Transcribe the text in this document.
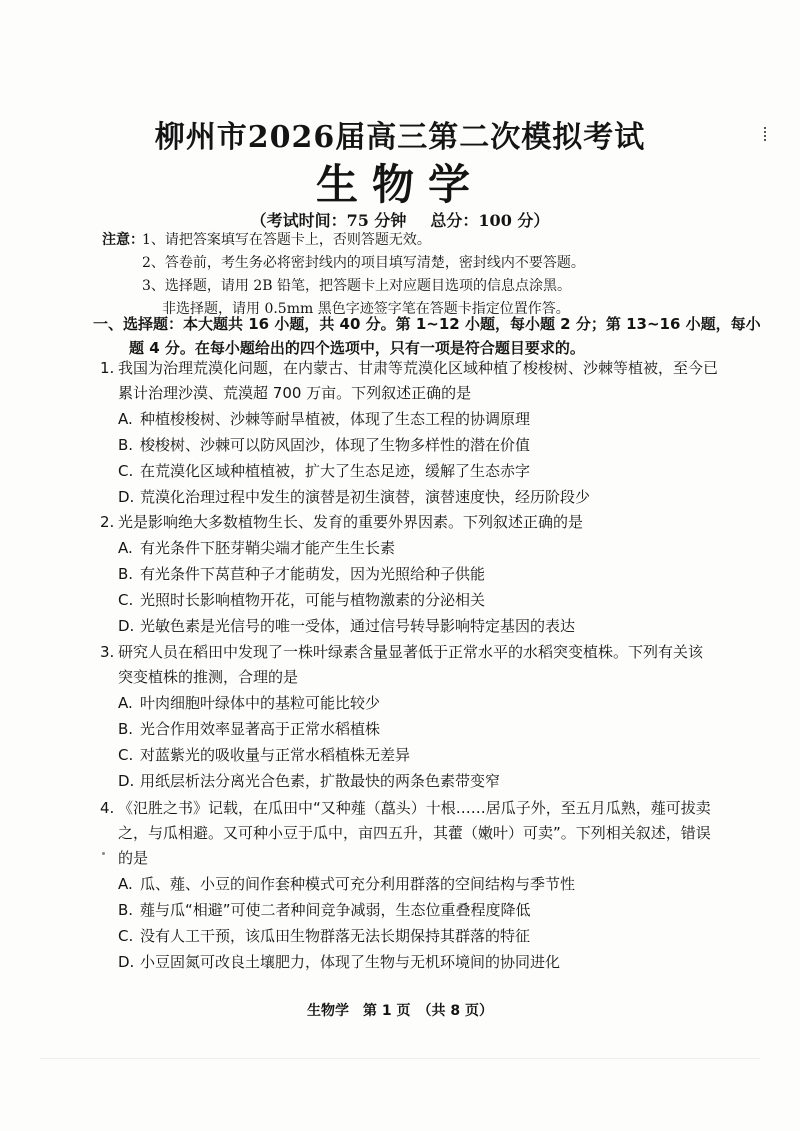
柳州市2026届高三第二次模拟考试
生物学
（考试时间：75 分钟 总分：100 分）
注意：
1、请把答案填写在答题卡上，否则答题无效。
2、答卷前，考生务必将密封线内的项目填写清楚，密封线内不要答题。
3、选择题，请用 2B 铅笔，把答题卡上对应题目选项的信息点涂黑。
非选择题，请用 0.5mm 黑色字迹签字笔在答题卡指定位置作答。
一、选择题：本大题共 16 小题，共 40 分。第 1~12 小题，每小题 2 分；第 13~16 小题，每小
题 4 分。在每小题给出的四个选项中，只有一项是符合题目要求的。
1. 我国为治理荒漠化问题，在内蒙古、甘肃等荒漠化区域种植了梭梭树、沙棘等植被，至今已
累计治理沙漠、荒漠超 700 万亩。下列叙述正确的是
A. 种植梭梭树、沙棘等耐旱植被，体现了生态工程的协调原理
B. 梭梭树、沙棘可以防风固沙，体现了生物多样性的潜在价值
C. 在荒漠化区域种植植被，扩大了生态足迹，缓解了生态赤字
D. 荒漠化治理过程中发生的演替是初生演替，演替速度快，经历阶段少
2. 光是影响绝大多数植物生长、发育的重要外界因素。下列叙述正确的是
A. 有光条件下胚芽鞘尖端才能产生生长素
B. 有光条件下莴苣种子才能萌发，因为光照给种子供能
C. 光照时长影响植物开花，可能与植物激素的分泌相关
D. 光敏色素是光信号的唯一受体，通过信号转导影响特定基因的表达
3. 研究人员在稻田中发现了一株叶绿素含量显著低于正常水平的水稻突变植株。下列有关该
突变植株的推测，合理的是
A. 叶肉细胞叶绿体中的基粒可能比较少
B. 光合作用效率显著高于正常水稻植株
C. 对蓝紫光的吸收量与正常水稻植株无差异
D. 用纸层析法分离光合色素，扩散最快的两条色素带变窄
4. 《氾胜之书》记载，在瓜田中“又种薤（藠头）十根……居瓜子外，至五月瓜熟，薤可拔卖
之，与瓜相避。又可种小豆于瓜中，亩四五升，其藿（嫩叶）可卖”。下列相关叙述，错误
的是
A. 瓜、薤、小豆的间作套种模式可充分利用群落的空间结构与季节性
B. 薤与瓜“相避”可使二者种间竞争减弱，生态位重叠程度降低
C. 没有人工干预，该瓜田生物群落无法长期保持其群落的特征
D. 小豆固氮可改良土壤肥力，体现了生物与无机环境间的协同进化
生物学　第 1 页　（共 8 页）
